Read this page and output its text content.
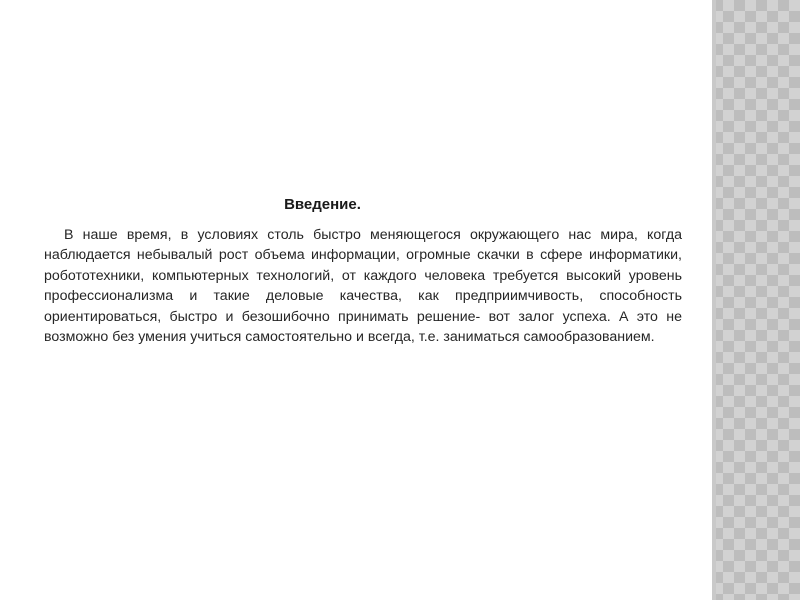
Введение.

В наше время, в условиях столь быстро меняющегося окружающего нас мира, когда наблюдается небывалый рост объема информации, огромные скачки в сфере информатики, робототехники, компьютерных технологий, от каждого человека требуется высокий уровень профессионализма и такие деловые качества, как предприимчивость, способность ориентироваться, быстро и безошибочно принимать решение- вот залог успеха. А это не возможно без умения учиться самостоятельно и всегда, т.е. заниматься самообразованием.
